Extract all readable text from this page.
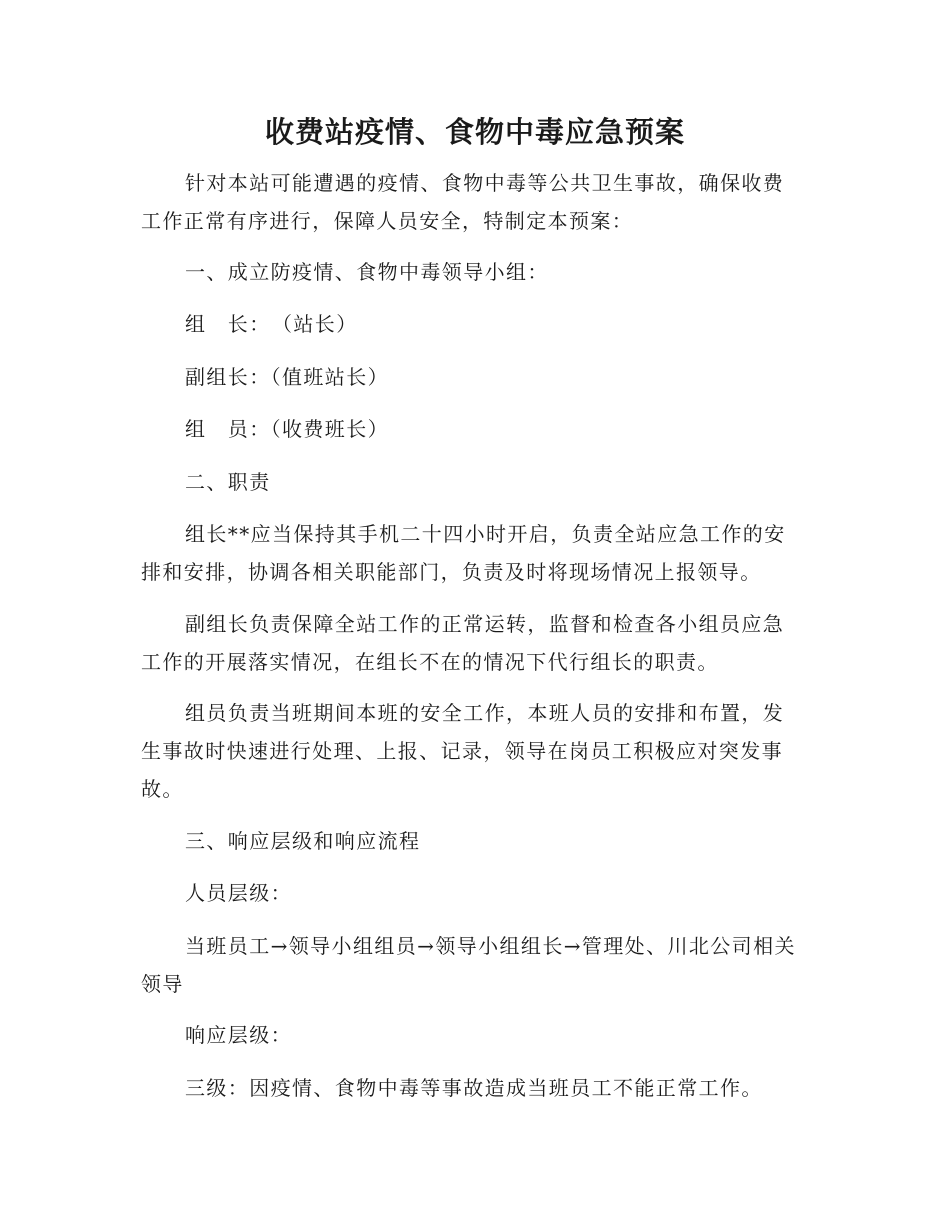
收费站疫情、食物中毒应急预案

针对本站可能遭遇的疫情、食物中毒等公共卫生事故，确保收费工作正常有序进行，保障人员安全，特制定本预案：

一、成立防疫情、食物中毒领导小组：

组　长：　（站长）

副组长：（值班站长）

组　员：（收费班长）

二、职责

组长**应当保持其手机二十四小时开启，负责全站应急工作的安排和安排，协调各相关职能部门，负责及时将现场情况上报领导。

副组长负责保障全站工作的正常运转，监督和检查各小组员应急工作的开展落实情况，在组长不在的情况下代行组长的职责。

组员负责当班期间本班的安全工作，本班人员的安排和布置，发生事故时快速进行处理、上报、记录，领导在岗员工积极应对突发事故。

三、响应层级和响应流程

人员层级：

当班员工→领导小组组员→领导小组组长→管理处、川北公司相关领导

响应层级：

三级：因疫情、食物中毒等事故造成当班员工不能正常工作。
